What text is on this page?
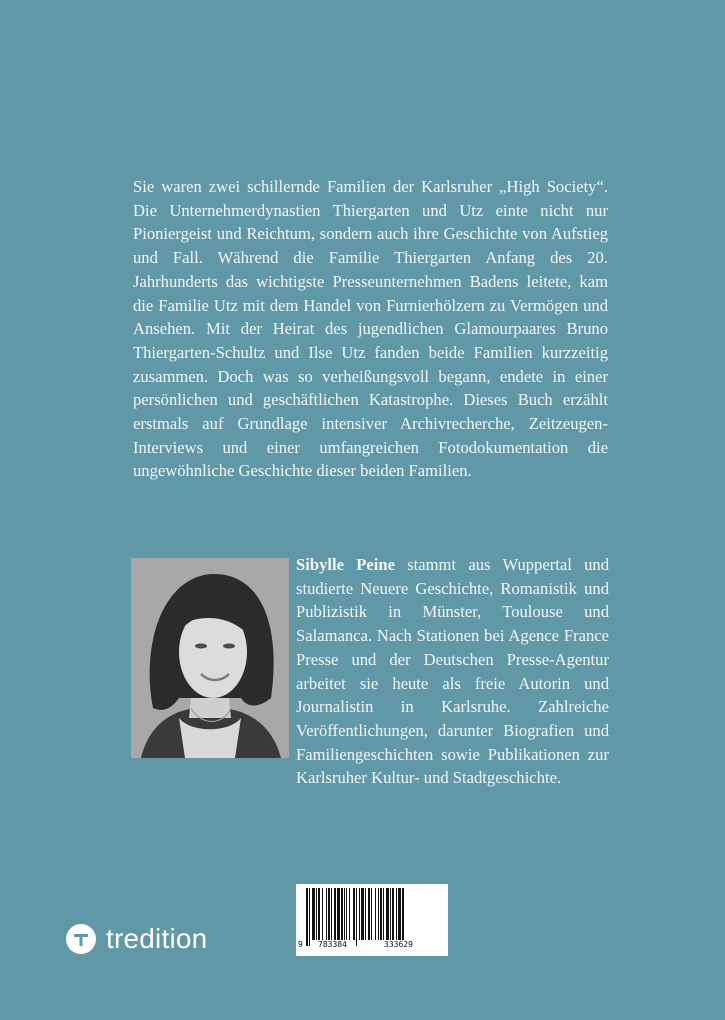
Sie waren zwei schillernde Familien der Karlsruher „High Society“. Die Unternehmerdynastien Thiergarten und Utz einte nicht nur Pioniergeist und Reichtum, sondern auch ihre Geschichte von Aufstieg und Fall. Während die Familie Thiergarten Anfang des 20. Jahrhunderts das wichtigste Presseunternehmen Badens leitete, kam die Familie Utz mit dem Handel von Furnierhölzern zu Vermögen und Ansehen. Mit der Heirat des jugendlichen Glamourpaares Bruno Thiergarten-Schultz und Ilse Utz fanden beide Familien kurzzeitig zusammen. Doch was so verheißungsvoll begann, endete in einer persönlichen und geschäftlichen Katastrophe. Dieses Buch erzählt erstmals auf Grundlage intensiver Archivrecherche, Zeitzeugen-Interviews und einer umfangreichen Fotodokumentation die ungewöhnliche Geschichte dieser beiden Familien.

Sibylle Peine stammt aus Wuppertal und studierte Neuere Geschichte, Romanistik und Publizistik in Münster, Toulouse und Salamanca. Nach Stationen bei Agence France Presse und der Deutschen Presse-Agentur arbeitet sie heute als freie Autorin und Journalistin in Karlsruhe. Zahlreiche Veröffentlichungen, darunter Biografien und Familiengeschichten sowie Publikationen zur Karlsruher Kultur- und Stadtgeschichte.

tredition	9 783384	333629
